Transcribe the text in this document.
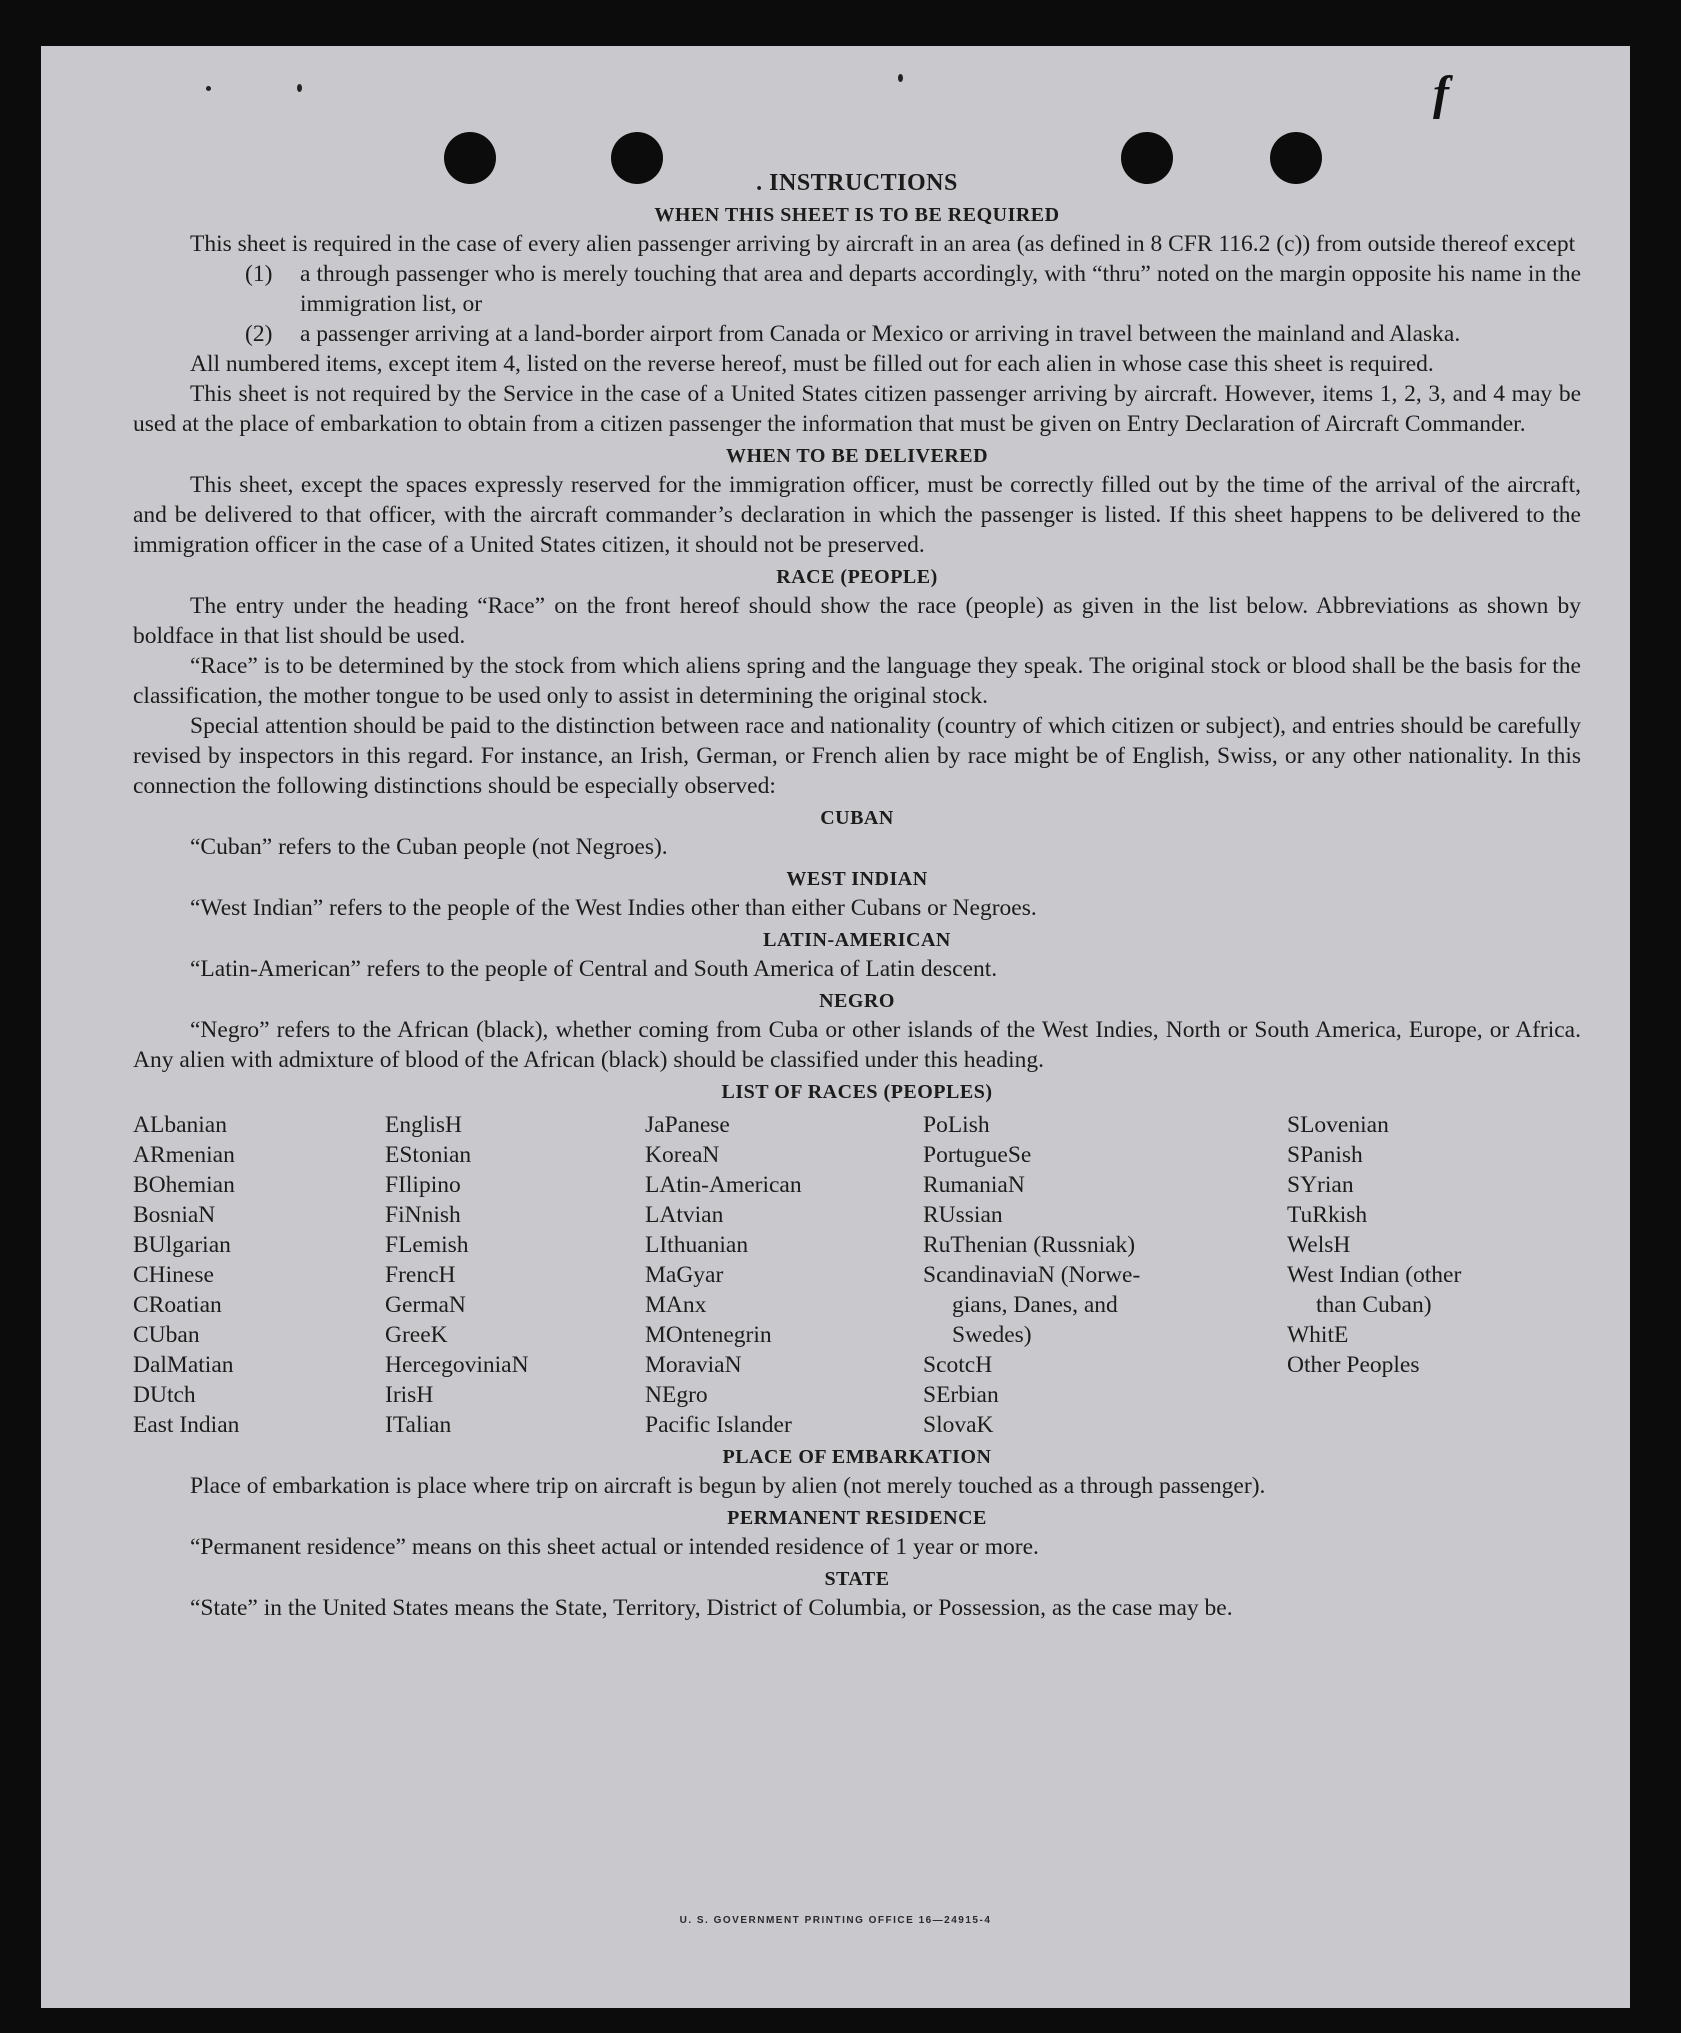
f
. INSTRUCTIONS
WHEN THIS SHEET IS TO BE REQUIRED

This sheet is required in the case of every alien passenger arriving by aircraft in an area (as defined in 8 CFR 116.2 (c)) from outside thereof except

(1)	a through passenger who is merely touching that area and departs accordingly, with “thru” noted on the margin opposite his name in the immigration list, or
(2)	a passenger arriving at a land-border airport from Canada or Mexico or arriving in travel between the mainland and Alaska.

All numbered items, except item 4, listed on the reverse hereof, must be filled out for each alien in whose case this sheet is required.

This sheet is not required by the Service in the case of a United States citizen passenger arriving by aircraft. However, items 1, 2, 3, and 4 may be used at the place of embarkation to obtain from a citizen passenger the information that must be given on Entry Declaration of Aircraft Commander.

WHEN TO BE DELIVERED

This sheet, except the spaces expressly reserved for the immigration officer, must be correctly filled out by the time of the arrival of the aircraft, and be delivered to that officer, with the aircraft commander’s declaration in which the passenger is listed. If this sheet happens to be delivered to the immigration officer in the case of a United States citizen, it should not be preserved.

RACE (PEOPLE)

The entry under the heading “Race” on the front hereof should show the race (people) as given in the list below. Abbreviations as shown by boldface in that list should be used.

“Race” is to be determined by the stock from which aliens spring and the language they speak. The original stock or blood shall be the basis for the classification, the mother tongue to be used only to assist in determining the original stock.

Special attention should be paid to the distinction between race and nationality (country of which citizen or subject), and entries should be carefully revised by inspectors in this regard. For instance, an Irish, German, or French alien by race might be of English, Swiss, or any other nationality. In this connection the following distinctions should be especially observed:

CUBAN

“Cuban” refers to the Cuban people (not Negroes).

WEST INDIAN

“West Indian” refers to the people of the West Indies other than either Cubans or Negroes.

LATIN-AMERICAN

“Latin-American” refers to the people of Central and South America of Latin descent.

NEGRO

“Negro” refers to the African (black), whether coming from Cuba or other islands of the West Indies, North or South America, Europe, or Africa. Any alien with admixture of blood of the African (black) should be classified under this heading.

LIST OF RACES (PEOPLES)
ALbanian
ARmenian
BOhemian
BosniaN
BUlgarian
CHinese
CRoatian
CUban
DalMatian
DUtch
East Indian
EnglisH
EStonian
FIlipino
FiNnish
FLemish
FrencH
GermaN
GreeK
HercegoviniaN
IrisH
ITalian
JaPanese
KoreaN
LAtin-American
LAtvian
LIthuanian
MaGyar
MAnx
MOntenegrin
MoraviaN
NEgro
Pacific Islander
PoLish
PortugueSe
RumaniaN
RUssian
RuThenian (Russniak)
ScandinaviaN (Norwe-
gians, Danes, and
Swedes)
ScotcH
SErbian
SlovaK
SLovenian
SPanish
SYrian
TuRkish
WelsH
West Indian (other
than Cuban)
WhitE
Other Peoples
PLACE OF EMBARKATION

Place of embarkation is place where trip on aircraft is begun by alien (not merely touched as a through passenger).

PERMANENT RESIDENCE

“Permanent residence” means on this sheet actual or intended residence of 1 year or more.

STATE

“State” in the United States means the State, Territory, District of Columbia, or Possession, as the case may be.

U. S. GOVERNMENT PRINTING OFFICE 16—24915-4
